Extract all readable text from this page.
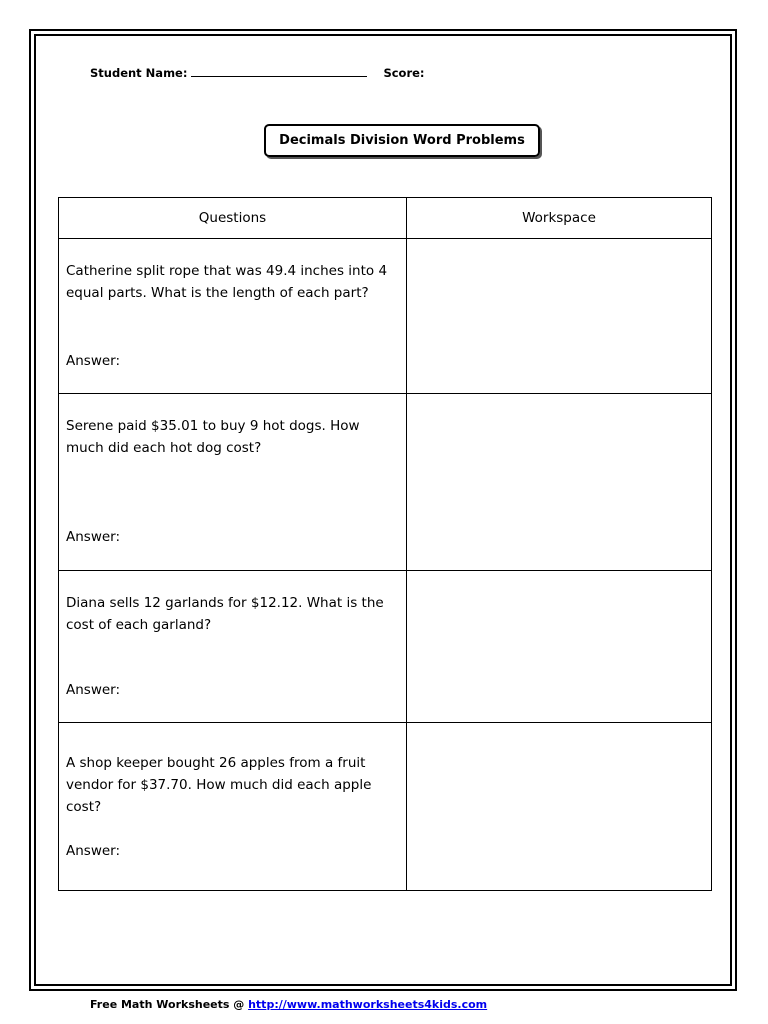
Student Name:	Score:
Decimals Division Word Problems
Questions	Workspace

Catherine split rope that was 49.4 inches into 4 equal parts. What is the length of each part?
Answer:	

Serene paid $35.01 to buy 9 hot dogs. How much did each hot dog cost?
Answer:	

Diana sells 12 garlands for $12.12. What is the cost of each garland?
Answer:	

A shop keeper bought 26 apples from a fruit vendor for $37.70. How much did each apple cost?
Answer:	

Free Math Worksheets @ http://www.mathworksheets4kids.com
